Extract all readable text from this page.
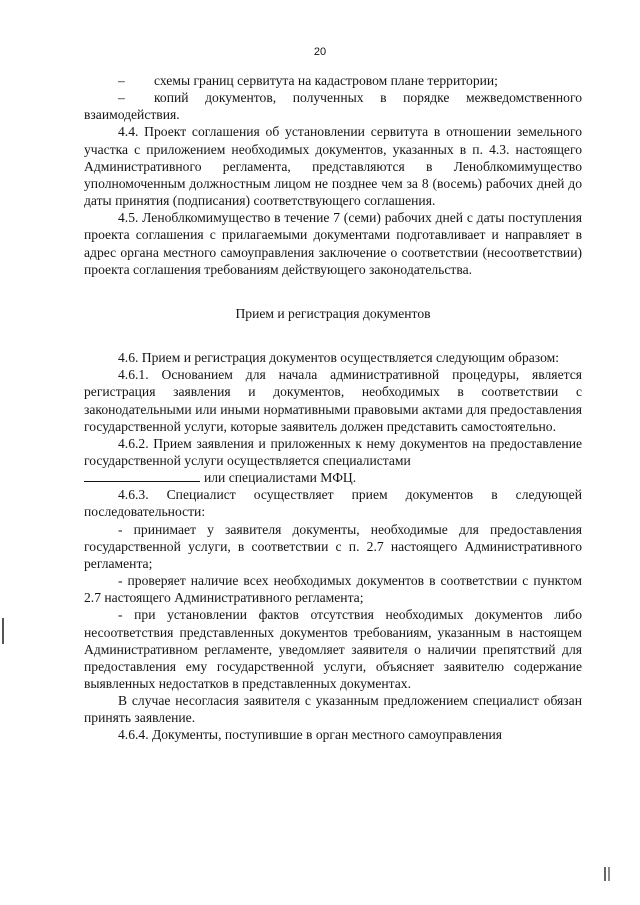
20

– схемы границ сервитута на кадастровом плане территории;

– копий документов, полученных в порядке межведомственного взаимодействия.

4.4. Проект соглашения об установлении сервитута в отношении земельного участка с приложением необходимых документов, указанных в п. 4.3. настоящего Административного регламента, представляются в Леноблкомимущество уполномоченным должностным лицом не позднее чем за 8 (восемь) рабочих дней до даты принятия (подписания) соответствующего соглашения.

4.5. Леноблкомимущество в течение 7 (семи) рабочих дней с даты поступления проекта соглашения с прилагаемыми документами подготавливает и направляет в адрес органа местного самоуправления заключение о соответствии (несоответствии) проекта соглашения требованиям действующего законодательства.

Прием и регистрация документов

4.6. Прием и регистрация документов осуществляется следующим образом:

4.6.1. Основанием для начала административной процедуры, является регистрация заявления и документов, необходимых в соответствии с законодательными или иными нормативными правовыми актами для предоставления государственной услуги, которые заявитель должен представить самостоятельно.

4.6.2. Прием заявления и приложенных к нему документов на предоставление государственной услуги осуществляется специалистами

или специалистами МФЦ.

4.6.3. Специалист осуществляет прием документов в следующей последовательности:

- принимает у заявителя документы, необходимые для предоставления государственной услуги, в соответствии с п. 2.7 настоящего Административного регламента;

- проверяет наличие всех необходимых документов в соответствии с пунктом 2.7 настоящего Административного регламента;

- при установлении фактов отсутствия необходимых документов либо несоответствия представленных документов требованиям, указанным в настоящем Административном регламенте, уведомляет заявителя о наличии препятствий для предоставления ему государственной услуги, объясняет заявителю содержание выявленных недостатков в представленных документах.

В случае несогласия заявителя с указанным предложением специалист обязан принять заявление.

4.6.4. Документы, поступившие в орган местного самоуправления
